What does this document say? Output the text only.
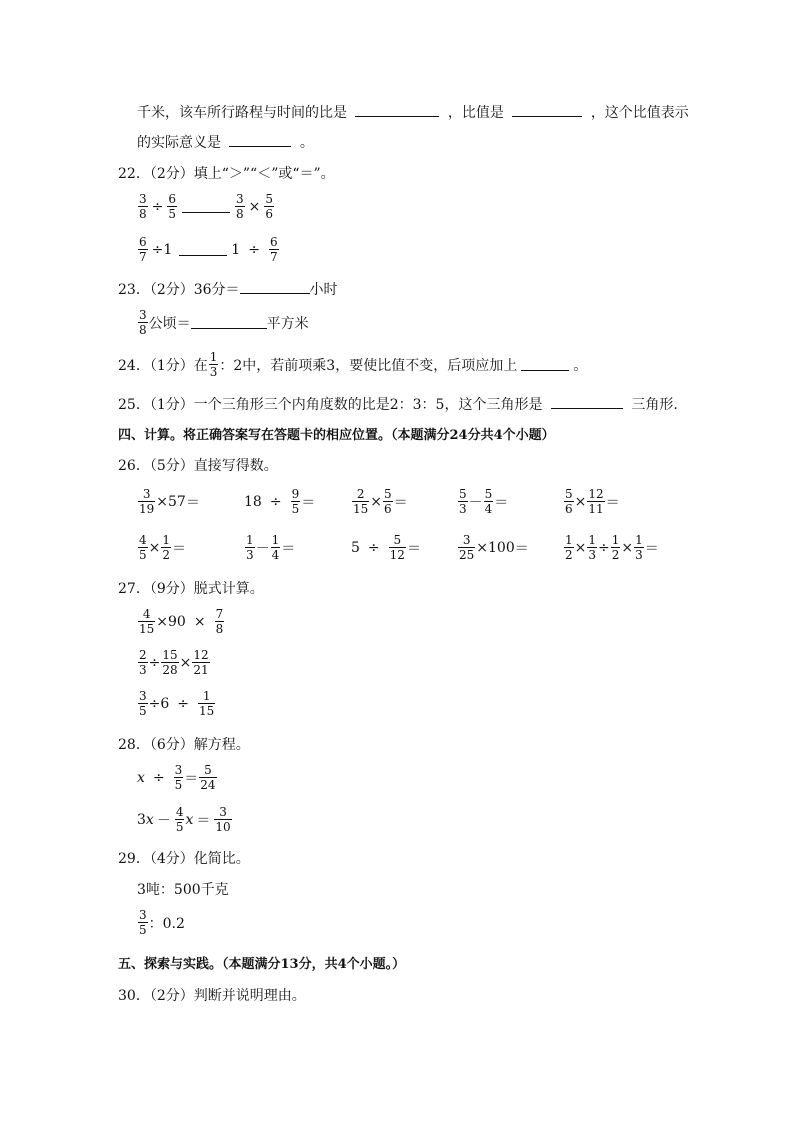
千米，该车所行路程与时间的比是	，比值是	，这个比值表示
的实际意义是	。
22．（2分）填上“＞”“＜”或“＝”。
$\frac{3}{8} \div \frac{6}{5}$	$\frac{3}{8} \times \frac{5}{6}$
$\frac{6}{7} \div 1$	$1 \div \frac{6}{7}$
23．（2分）36分＝	小时
$\frac{3}{8}$ 公顷＝	平方米
24．（1分）在 $\frac{1}{3}$ ：2中，若前项乘3，要使比值不变，后项应加上	。
25．（1分）一个三角形三个内角度数的比是2：3：5，这个三角形是	三角形.
四、计算。将正确答案写在答题卡的相应位置。（本题满分24分共4个小题）
26．（5分）直接写得数。
$\frac{3}{19} \times 57$ ＝	$18 \div \frac{9}{5}$ ＝	$\frac{2}{15} \times \frac{5}{6}$ ＝	$\frac{5}{3} - \frac{5}{4}$ ＝	$\frac{5}{6} \times \frac{12}{11}$ ＝
$\frac{4}{5} \times \frac{1}{2}$ ＝	$\frac{1}{3} - \frac{1}{4}$ ＝	$5 \div \frac{5}{12}$ ＝	$\frac{3}{25} \times 100$ ＝	$\frac{1}{2} \times \frac{1}{3} \div \frac{1}{2} \times \frac{1}{3}$ ＝
27．（9分）脱式计算。
$\frac{4}{15} \times 90 \times \frac{7}{8}$
$\frac{2}{3} \div \frac{15}{28} \times \frac{12}{21}$
$\frac{3}{5} \div 6 \div \frac{1}{15}$
28．（6分）解方程。
$x \div \frac{3}{5} = \frac{5}{24}$
3 $x - \frac{4}{5}$ $x = \frac{3}{10}$
29．（4分）化简比。
3吨：500千克
$\frac{3}{5}$ ：0.2
五、探索与实践。（本题满分13分，共4个小题。）
30．（2分）判断并说明理由。
